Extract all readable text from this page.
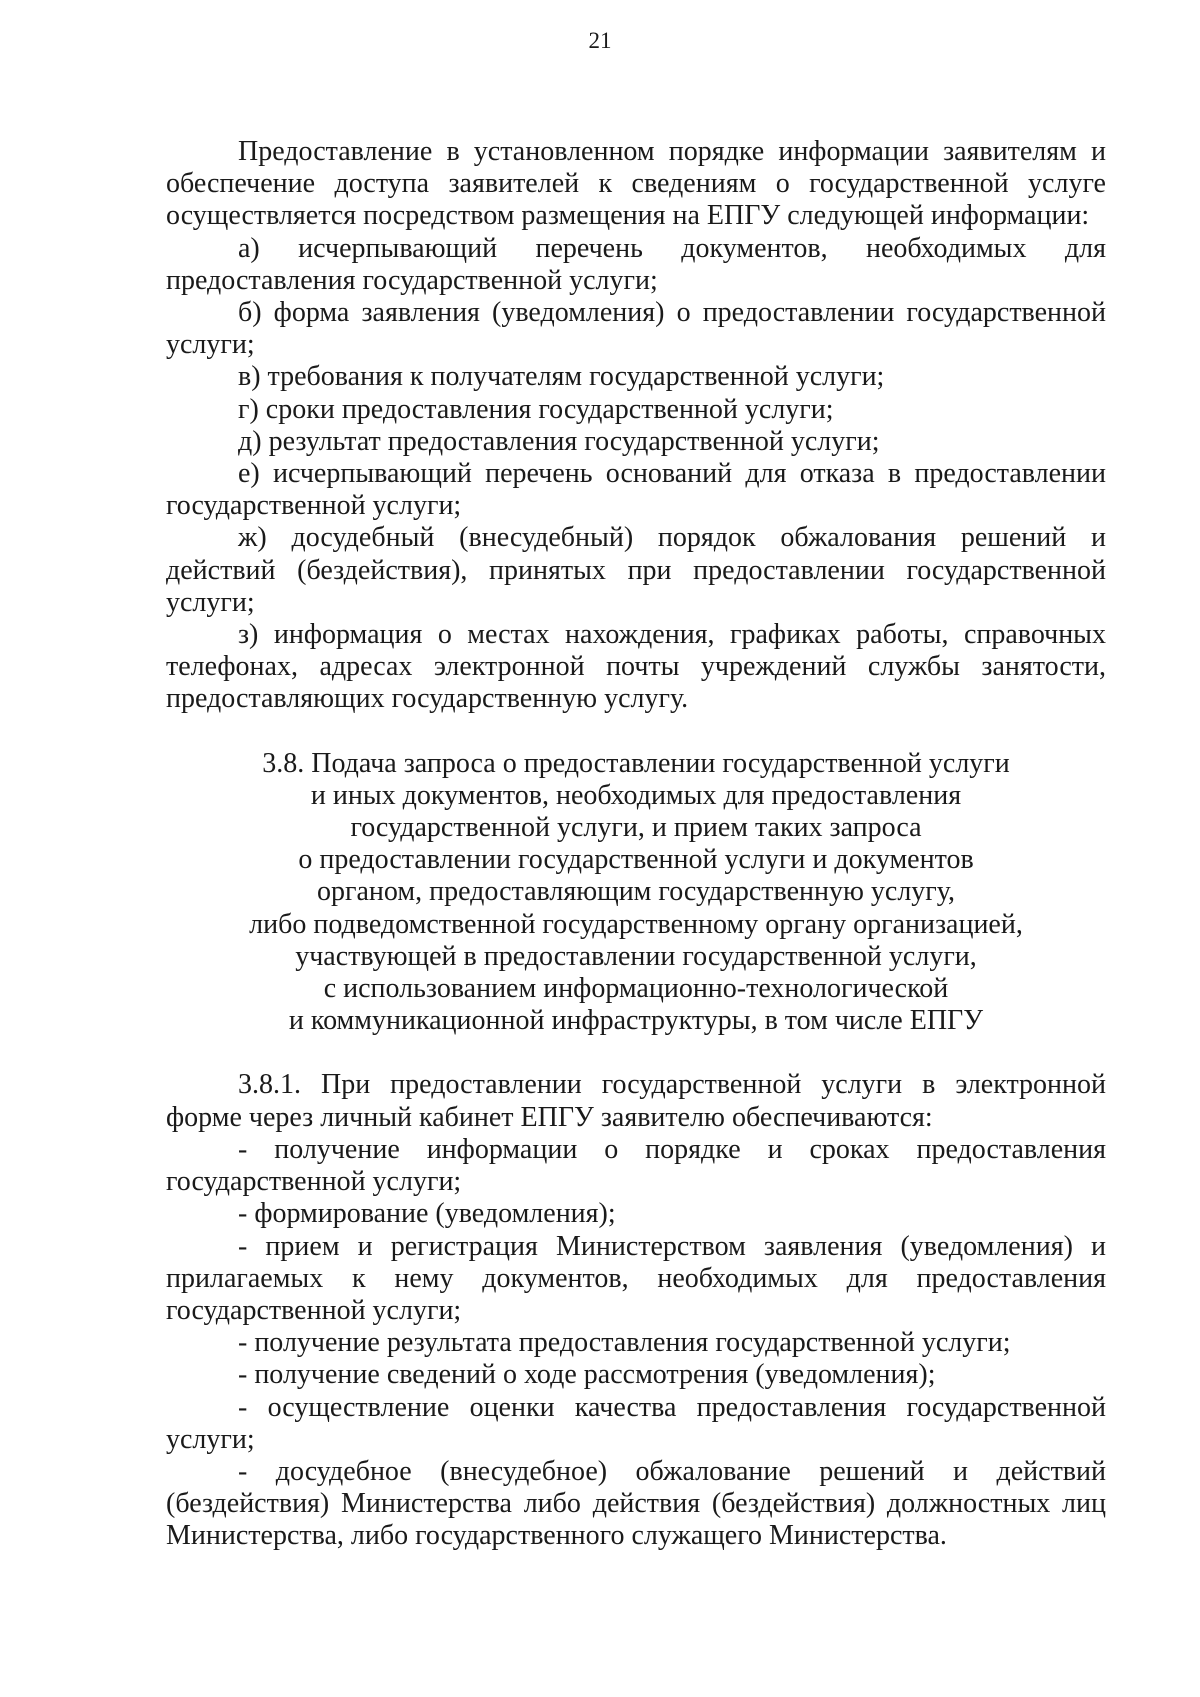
21

Предоставление в установленном порядке информации заявителям и обеспечение доступа заявителей к сведениям о государственной услуге осуществляется посредством размещения на ЕПГУ следующей информации:

а) исчерпывающий перечень документов, необходимых для предоставления государственной услуги;

б) форма заявления (уведомления) о предоставлении государственной услуги;

в) требования к получателям государственной услуги;

г) сроки предоставления государственной услуги;

д) результат предоставления государственной услуги;

е) исчерпывающий перечень оснований для отказа в предоставлении государственной услуги;

ж) досудебный (внесудебный) порядок обжалования решений и действий (бездействия), принятых при предоставлении государственной услуги;

з) информация о местах нахождения, графиках работы, справочных телефонах, адресах электронной почты учреждений службы занятости, предоставляющих государственную услугу.

3.8. Подача запроса о предоставлении государственной услуги
и иных документов, необходимых для предоставления
государственной услуги, и прием таких запроса
о предоставлении государственной услуги и документов
органом, предоставляющим государственную услугу,
либо подведомственной государственному органу организацией,
участвующей в предоставлении государственной услуги,
с использованием информационно-технологической
и коммуникационной инфраструктуры, в том числе ЕПГУ

3.8.1. При предоставлении государственной услуги в электронной форме через личный кабинет ЕПГУ заявителю обеспечиваются:

- получение информации о порядке и сроках предоставления государственной услуги;

- формирование (уведомления);

- прием и регистрация Министерством заявления (уведомления) и прилагаемых к нему документов, необходимых для предоставления государственной услуги;

- получение результата предоставления государственной услуги;

- получение сведений о ходе рассмотрения (уведомления);

- осуществление оценки качества предоставления государственной услуги;

- досудебное (внесудебное) обжалование решений и действий (бездействия) Министерства либо действия (бездействия) должностных лиц Министерства, либо государственного служащего Министерства.
